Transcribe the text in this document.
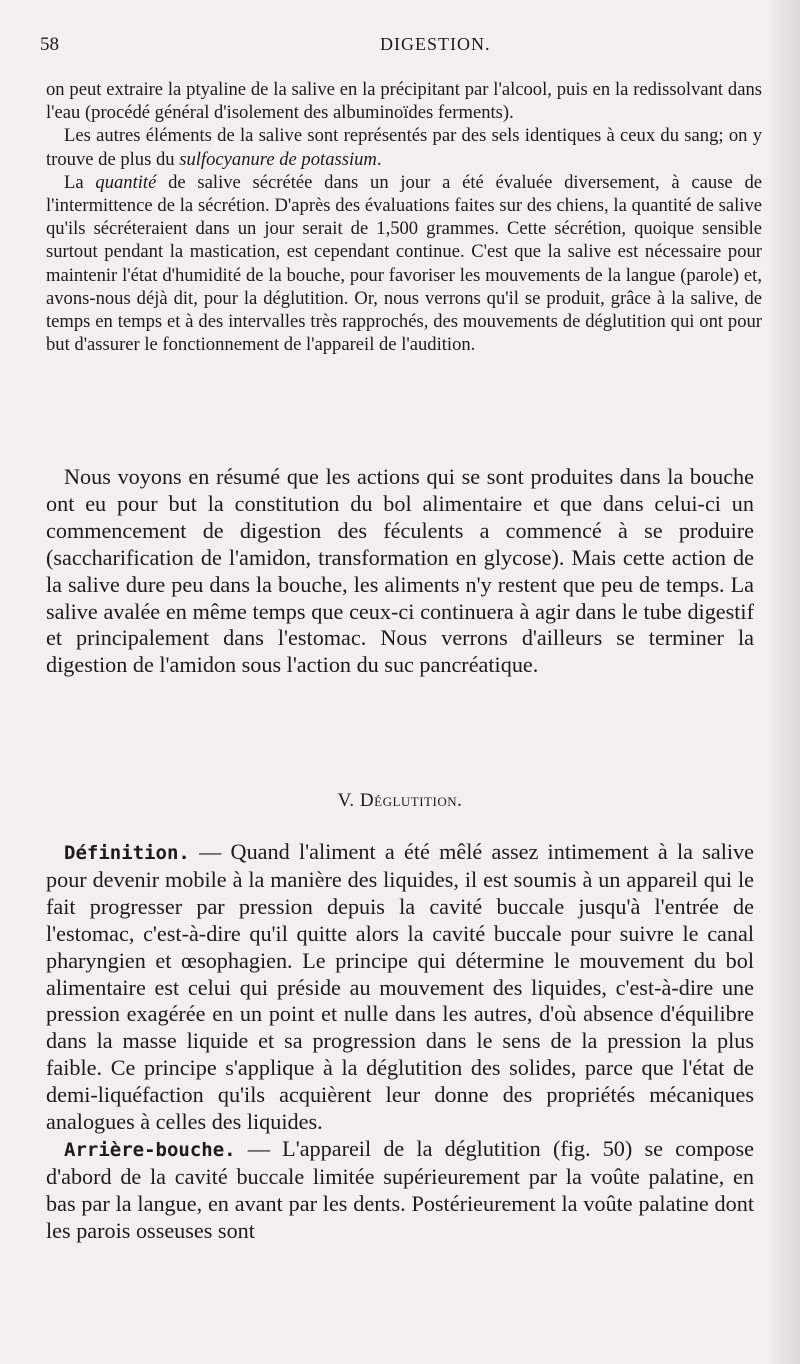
58	DIGESTION.

on peut extraire la ptyaline de la salive en la précipitant par l'alcool, puis en la redissolvant dans l'eau (procédé général d'isolement des albuminoïdes ferments).

Les autres éléments de la salive sont représentés par des sels identiques à ceux du sang; on y trouve de plus du sulfocyanure de potassium.

La quantité de salive sécrétée dans un jour a été évaluée diversement, à cause de l'intermittence de la sécrétion. D'après des évaluations faites sur des chiens, la quantité de salive qu'ils sécréteraient dans un jour serait de 1,500 grammes. Cette sécrétion, quoique sensible surtout pendant la mastication, est cependant continue. C'est que la salive est nécessaire pour maintenir l'état d'humidité de la bouche, pour favoriser les mouvements de la langue (parole) et, avons-nous déjà dit, pour la déglutition. Or, nous verrons qu'il se produit, grâce à la salive, de temps en temps et à des intervalles très rapprochés, des mouvements de déglutition qui ont pour but d'assurer le fonctionnement de l'appareil de l'audition.

Nous voyons en résumé que les actions qui se sont produites dans la bouche ont eu pour but la constitution du bol alimentaire et que dans celui-ci un commencement de digestion des féculents a commencé à se produire (saccharification de l'amidon, transformation en glycose). Mais cette action de la salive dure peu dans la bouche, les aliments n'y restent que peu de temps. La salive avalée en même temps que ceux-ci continuera à agir dans le tube digestif et principalement dans l'estomac. Nous verrons d'ailleurs se terminer la digestion de l'amidon sous l'action du suc pancréatique.

V. Déglutition.

Définition. — Quand l'aliment a été mêlé assez intimement à la salive pour devenir mobile à la manière des liquides, il est soumis à un appareil qui le fait progresser par pression depuis la cavité buccale jusqu'à l'entrée de l'estomac, c'est-à-dire qu'il quitte alors la cavité buccale pour suivre le canal pharyngien et œsophagien. Le principe qui détermine le mouvement du bol alimentaire est celui qui préside au mouvement des liquides, c'est-à-dire une pression exagérée en un point et nulle dans les autres, d'où absence d'équilibre dans la masse liquide et sa progression dans le sens de la pression la plus faible. Ce principe s'applique à la déglutition des solides, parce que l'état de demi-liquéfaction qu'ils acquièrent leur donne des propriétés mécaniques analogues à celles des liquides.

Arrière-bouche. — L'appareil de la déglutition (fig. 50) se compose d'abord de la cavité buccale limitée supérieurement par la voûte palatine, en bas par la langue, en avant par les dents. Postérieurement la voûte palatine dont les parois osseuses sont
